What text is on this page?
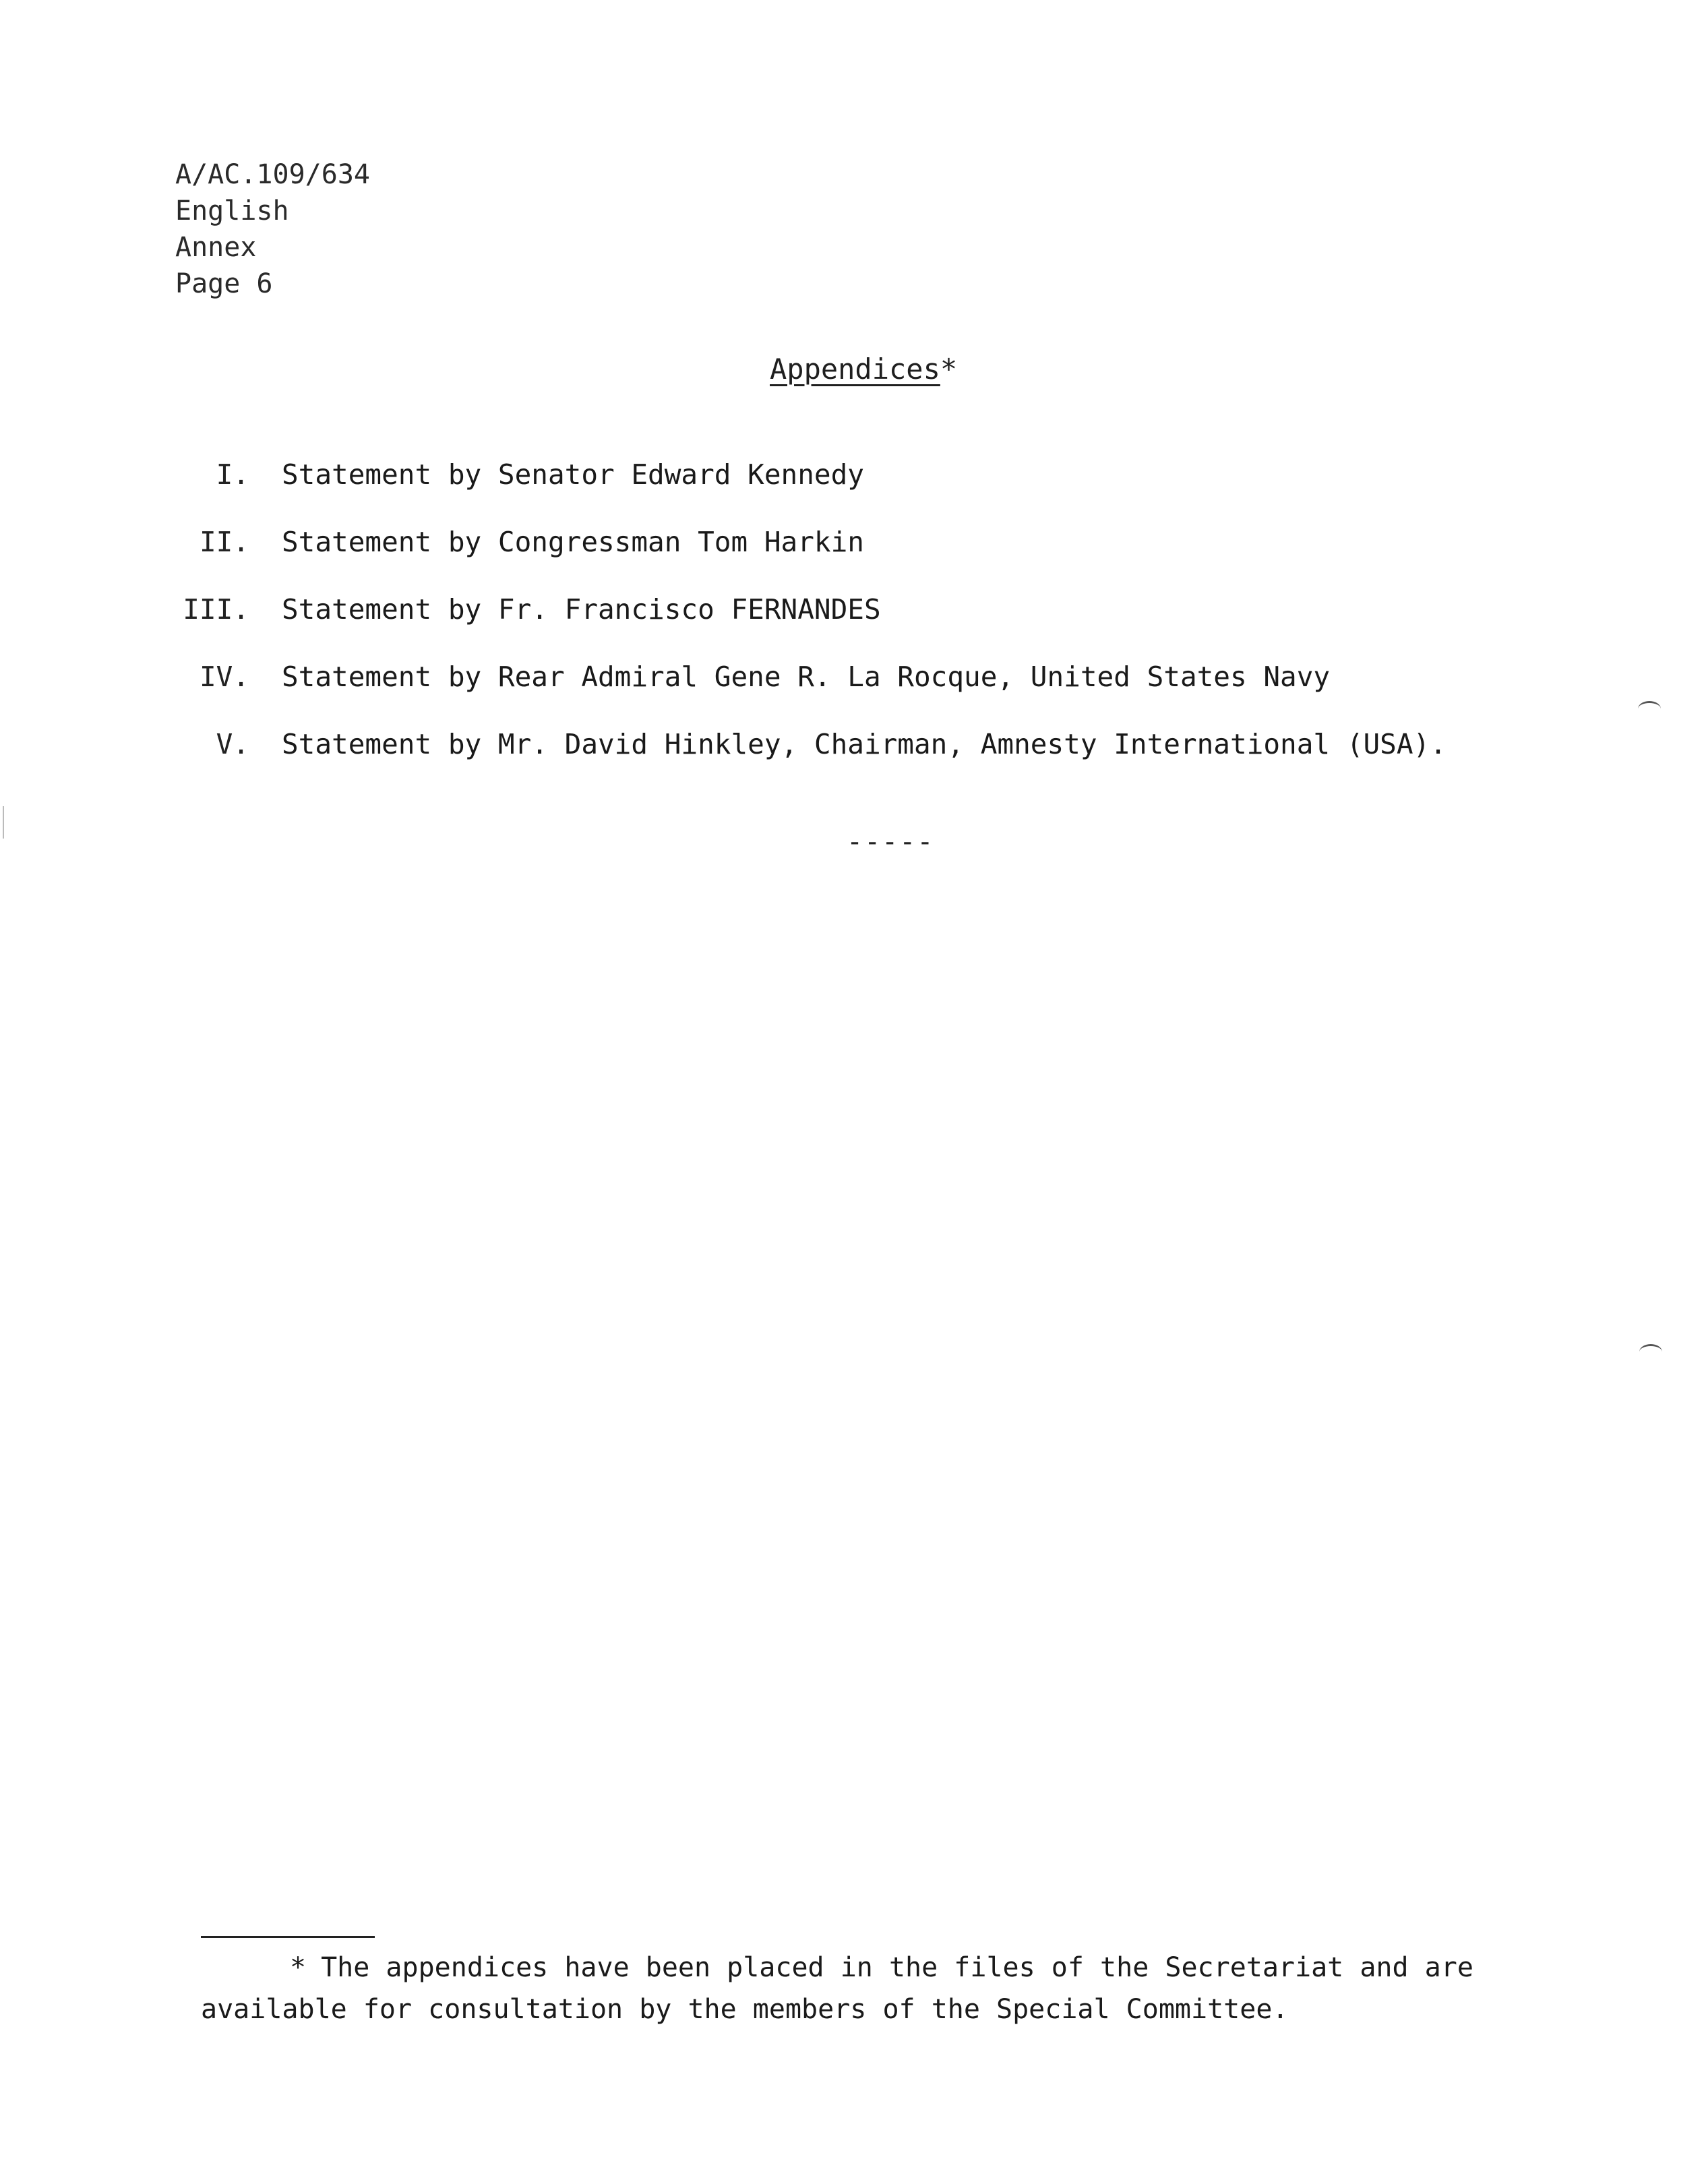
A/AC.109/634
English
Annex
Page 6
Appendices*
I. Statement by Senator Edward Kennedy
II. Statement by Congressman Tom Harkin
III. Statement by Fr. Francisco FERNANDES
IV. Statement by Rear Admiral Gene R. La Rocque, United States Navy
V. Statement by Mr. David Hinkley, Chairman, Amnesty International (USA).
-----
* The appendices have been placed in the files of the Secretariat and are available for consultation by the members of the Special Committee.
